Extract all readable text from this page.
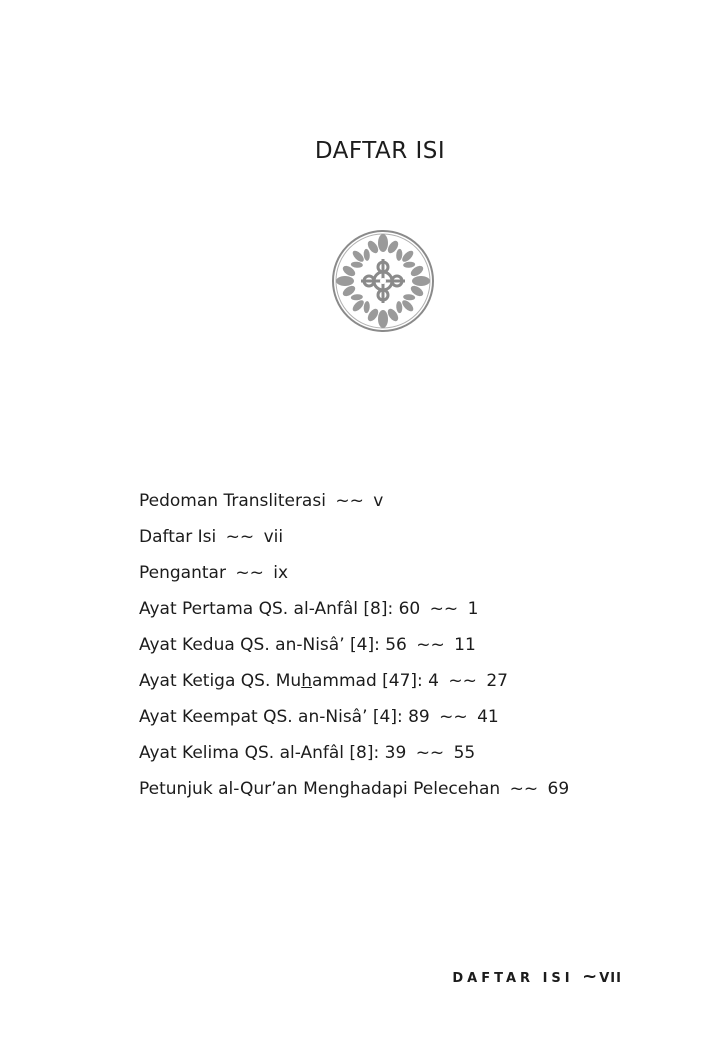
DAFTAR ISI
Pedoman Transliterasi ~~ v
Daftar Isi ~~ vii
Pengantar ~~ ix
Ayat Pertama QS. al-Anfâl [8]: 60 ~~ 1
Ayat Kedua QS. an-Nisâ’ [4]: 56 ~~ 11
Ayat Ketiga QS. Muhammad [47]: 4 ~~ 27
Ayat Keempat QS. an-Nisâ’ [4]: 89 ~~ 41
Ayat Kelima QS. al-Anfâl [8]: 39 ~~ 55
Petunjuk al-Qur’an Menghadapi Pelecehan ~~ 69
DAFTAR ISI ~ VII
